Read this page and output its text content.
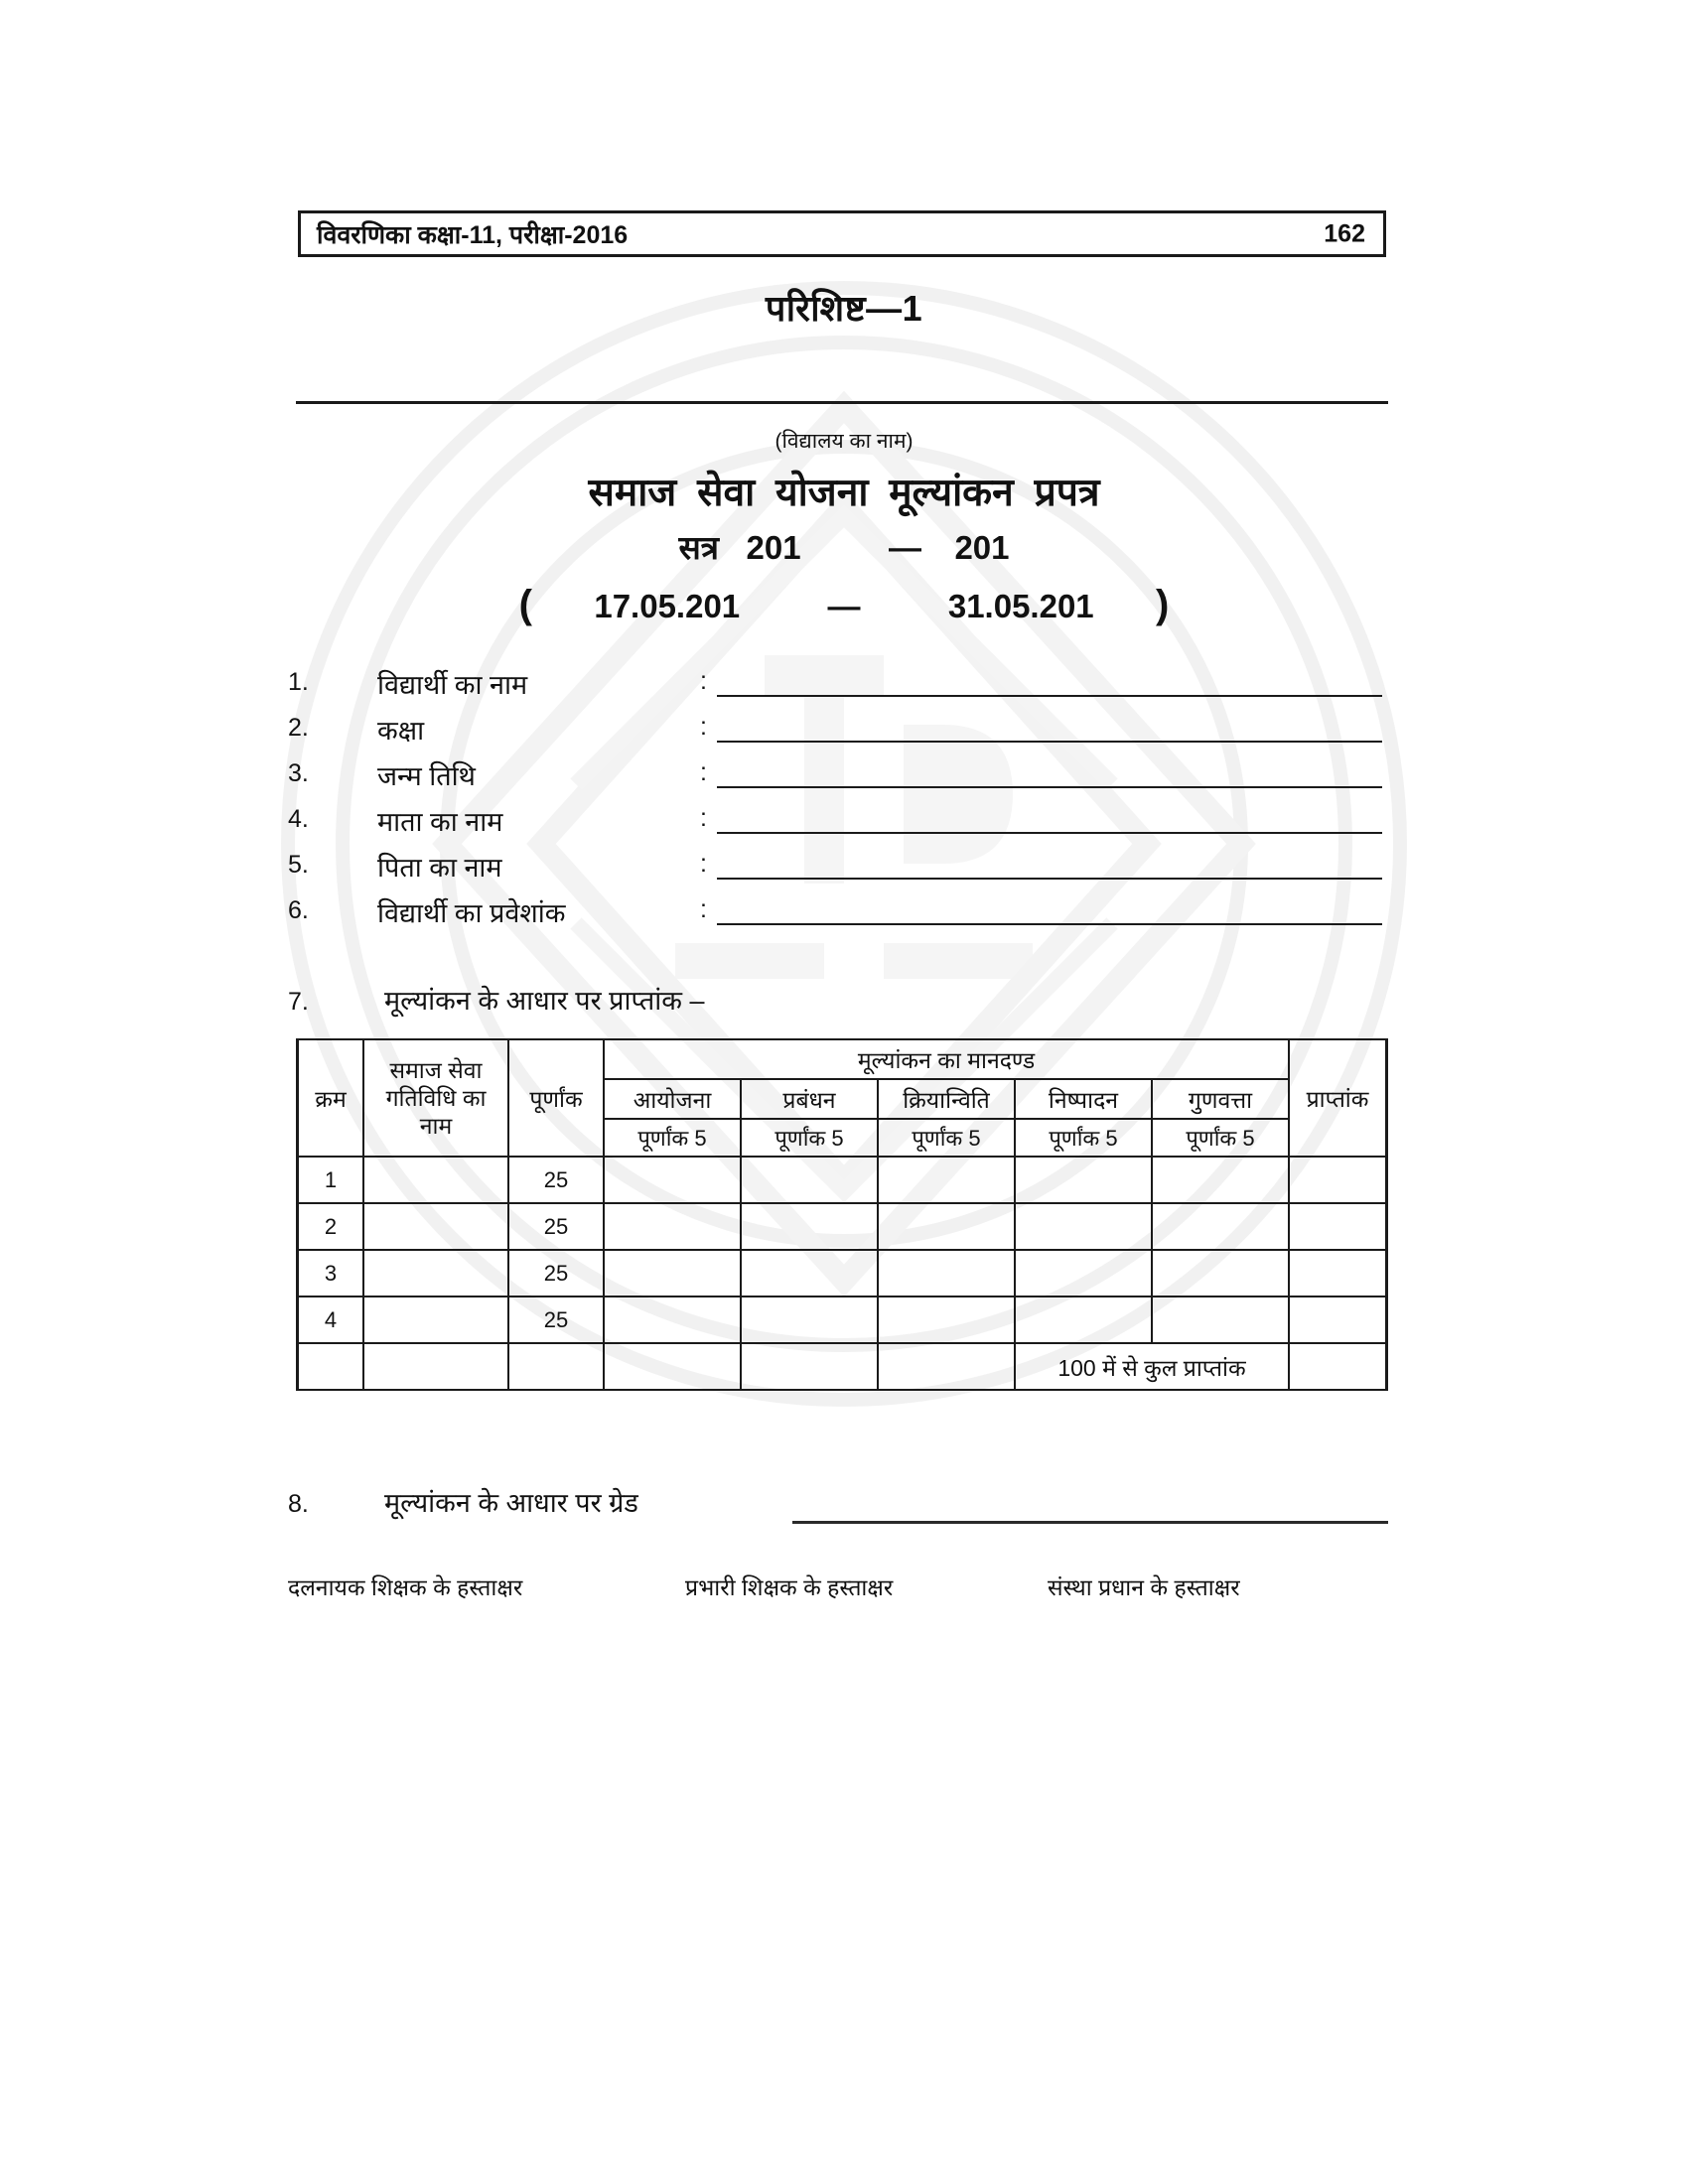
विवरणिका कक्षा-11, परीक्षा-2016	162
परिशिष्ट—1
(विद्यालय का नाम)
समाज सेवा योजना मूल्यांकन प्रपत्र
सत्र 201	— 201
( 17.05.201	—	31.05.201 )
1.	विद्यार्थी का नाम	:
2.	कक्षा	:
3.	जन्म तिथि	:
4.	माता का नाम	:
5.	पिता का नाम	:
6.	विद्यार्थी का प्रवेशांक	:
7.	मूल्यांकन के आधार पर प्राप्तांक –
क्रम	समाज सेवा गतिविधि का नाम	पूर्णांक	मूल्यांकन का मानदण्ड					प्राप्तांक
			आयोजना	प्रबंधन	क्रियान्विति	निष्पादन	गुणवत्ता	
			पूर्णांक 5	पूर्णांक 5	पूर्णांक 5	पूर्णांक 5	पूर्णांक 5	
1		25						
2		25						
3		25						
4		25						
						100 में से कुल प्राप्तांक		
8.	मूल्यांकन के आधार पर ग्रेड
दलनायक शिक्षक के हस्ताक्षर	प्रभारी शिक्षक के हस्ताक्षर	संस्था प्रधान के हस्ताक्षर
